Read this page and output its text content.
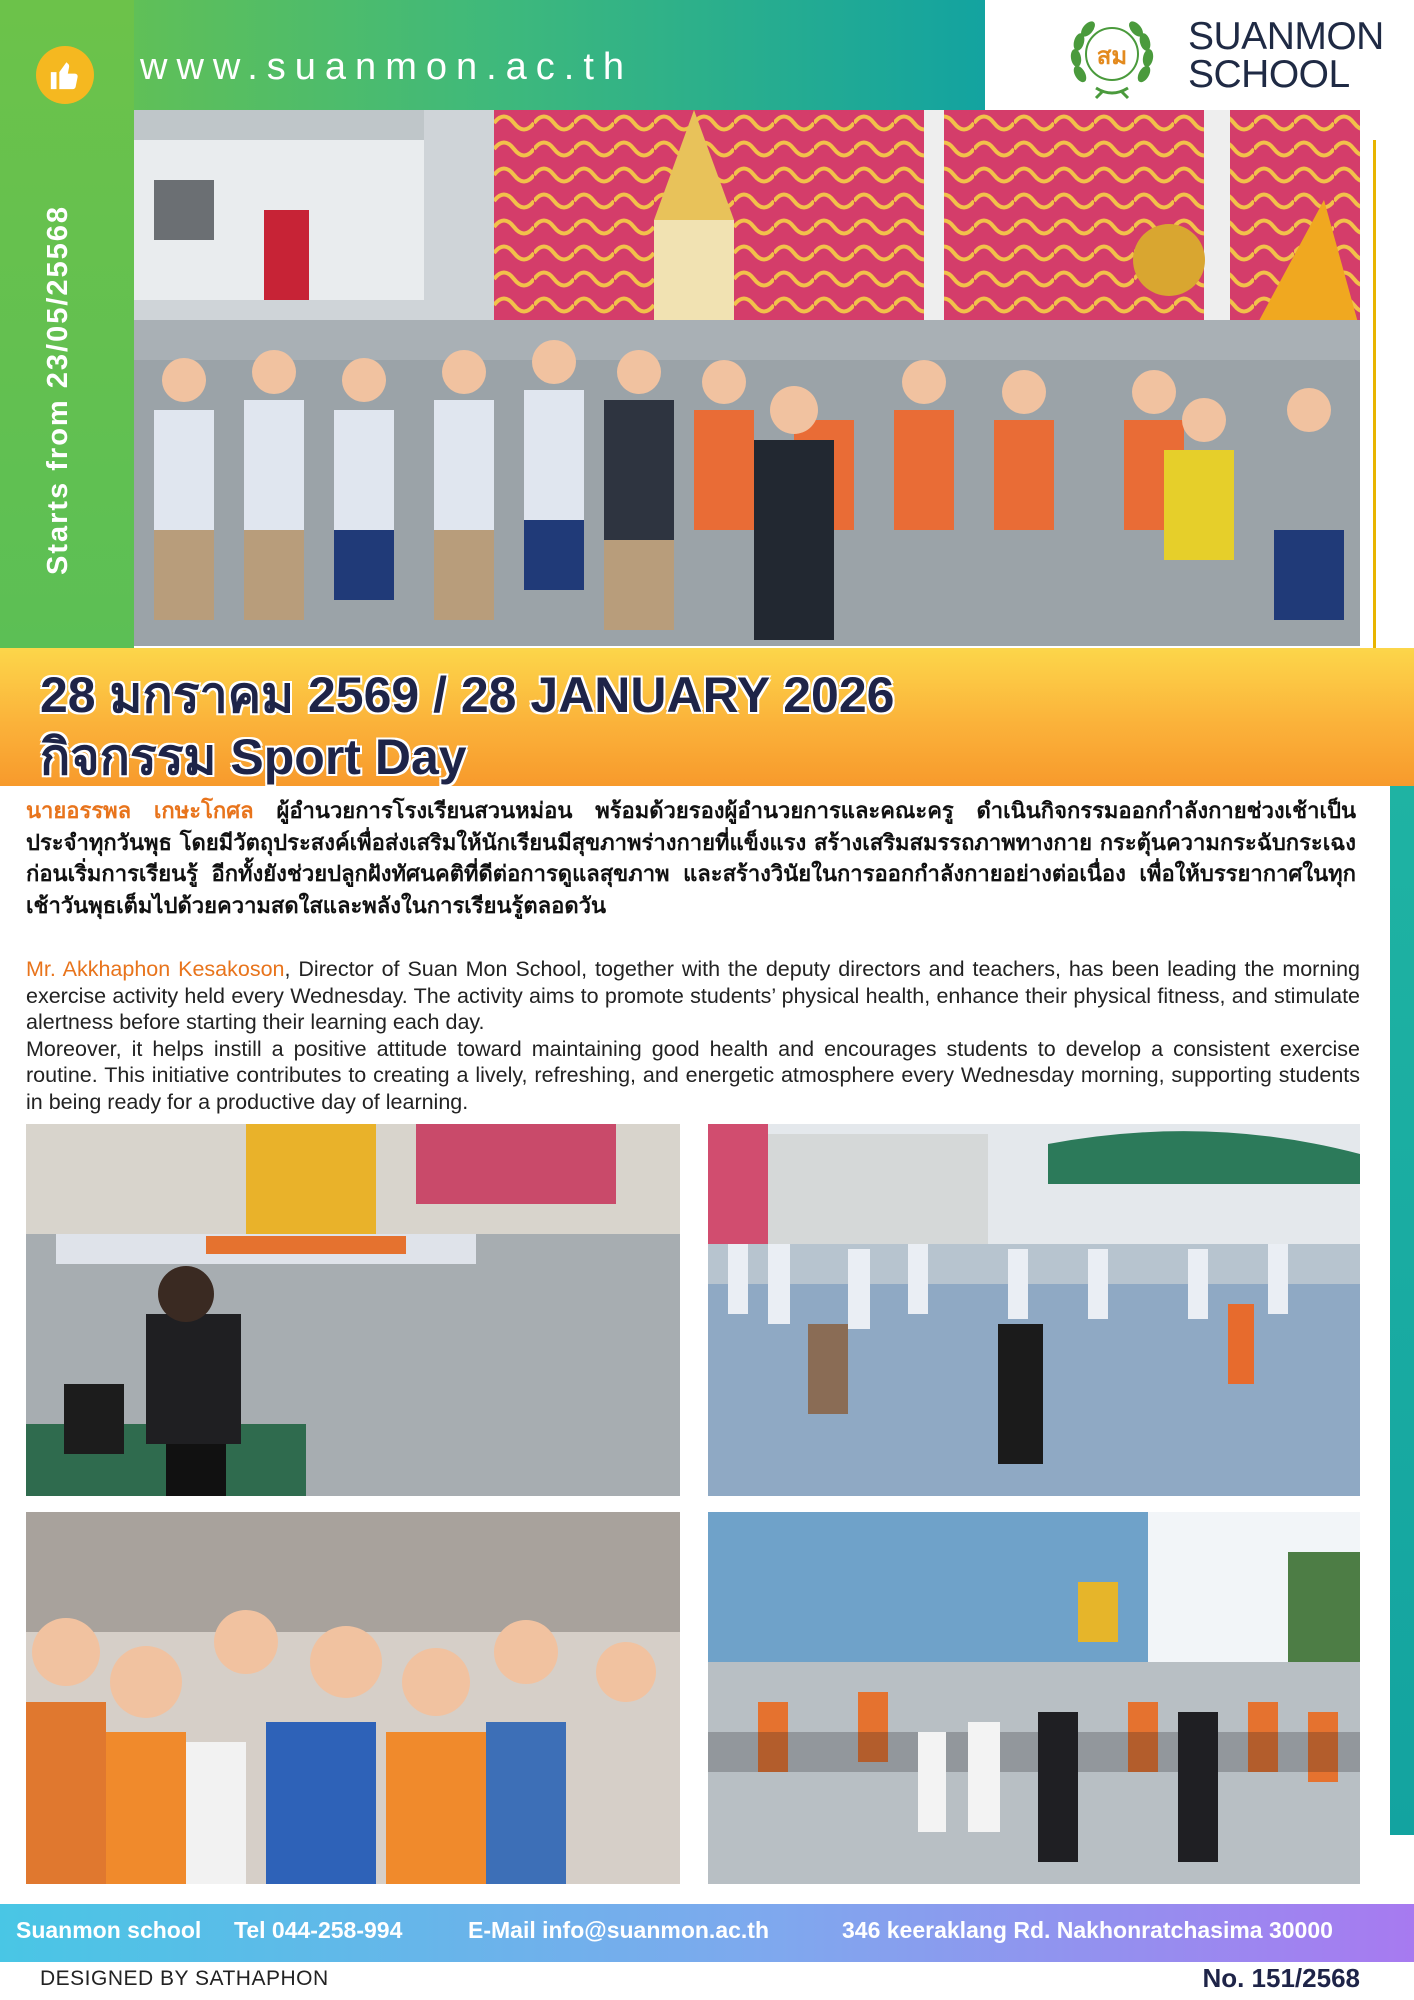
www.suanmon.ac.th
Starts from 23/05/25568
สม SUANMON
SCHOOL
28 มกราคม 2569 / 28 JANUARY 2026
กิจกรรม Sport Day
นายอรรพล เกษะโกศล ผู้อำนวยการโรงเรียนสวนหม่อน พร้อมด้วยรองผู้อำนวยการและคณะครู ดำเนินกิจกรรมออกกำลังกายช่วงเช้าเป็นประจำทุกวันพุธ โดยมีวัตถุประสงค์เพื่อส่งเสริมให้นักเรียนมีสุขภาพร่างกายที่แข็งแรง สร้างเสริมสมรรถภาพทางกาย กระตุ้นความกระฉับกระเฉงก่อนเริ่มการเรียนรู้ อีกทั้งยังช่วยปลูกฝังทัศนคติที่ดีต่อการดูแลสุขภาพ และสร้างวินัยในการออกกำลังกายอย่างต่อเนื่อง เพื่อให้บรรยากาศในทุกเช้าวันพุธเต็มไปด้วยความสดใสและพลังในการเรียนรู้ตลอดวัน

Mr. Akkhaphon Kesakoson, Director of Suan Mon School, together with the deputy directors and teachers, has been leading the morning exercise activity held every Wednesday. The activity aims to promote students’ physical health, enhance their physical fitness, and stimulate alertness before starting their learning each day.

Moreover, it helps instill a positive attitude toward maintaining good health and encourages students to develop a consistent exercise routine. This initiative contributes to creating a lively, refreshing, and energetic atmosphere every Wednesday morning, supporting students in being ready for a productive day of learning.

Suanmon school Tel 044-258-994	E-Mail info@suanmon.ac.th	346 keeraklang Rd. Nakhonratchasima 30000
DESIGNED BY SATHAPHON	No. 151/2568
